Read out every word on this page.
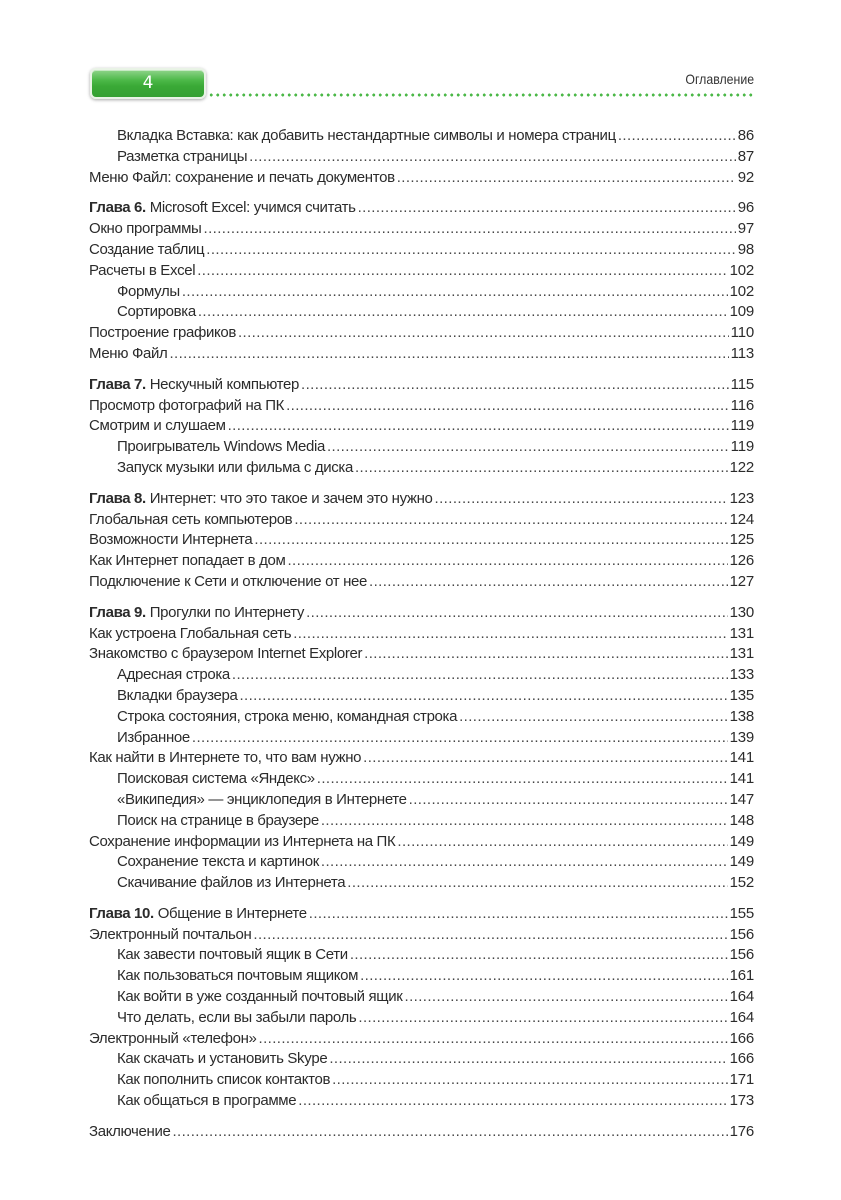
4	Оглавление
Вкладка Вставка: как добавить нестандартные символы и номера страниц .....	86
Разметка страницы .....	87
Меню Файл: сохранение и печать документов .....	92
Глава 6. Microsoft Excel: учимся считать .....	96
Окно программы .....	97
Создание таблиц .....	98
Расчеты в Excel .....	102
Формулы .....	102
Сортировка .....	109
Построение графиков .....	110
Меню Файл .....	113
Глава 7. Нескучный компьютер .....	115
Просмотр фотографий на ПК .....	116
Смотрим и слушаем .....	119
Проигрыватель Windows Media .....	119
Запуск музыки или фильма с диска .....	122
Глава 8. Интернет: что это такое и зачем это нужно .....	123
Глобальная сеть компьютеров .....	124
Возможности Интернета .....	125
Как Интернет попадает в дом .....	126
Подключение к Сети и отключение от нее .....	127
Глава 9. Прогулки по Интернету .....	130
Как устроена Глобальная сеть .....	131
Знакомство с браузером Internet Explorer .....	131
Адресная строка .....	133
Вкладки браузера .....	135
Строка состояния, строка меню, командная строка .....	138
Избранное .....	139
Как найти в Интернете то, что вам нужно .....	141
Поисковая система «Яндекс» .....	141
«Википедия» — энциклопедия в Интернете .....	147
Поиск на странице в браузере .....	148
Сохранение информации из Интернета на ПК .....	149
Сохранение текста и картинок .....	149
Скачивание файлов из Интернета .....	152
Глава 10. Общение в Интернете .....	155
Электронный почтальон .....	156
Как завести почтовый ящик в Сети .....	156
Как пользоваться почтовым ящиком .....	161
Как войти в уже созданный почтовый ящик .....	164
Что делать, если вы забыли пароль .....	164
Электронный «телефон» .....	166
Как скачать и установить Skype .....	166
Как пополнить список контактов .....	171
Как общаться в программе .....	173
Заключение .....	176
